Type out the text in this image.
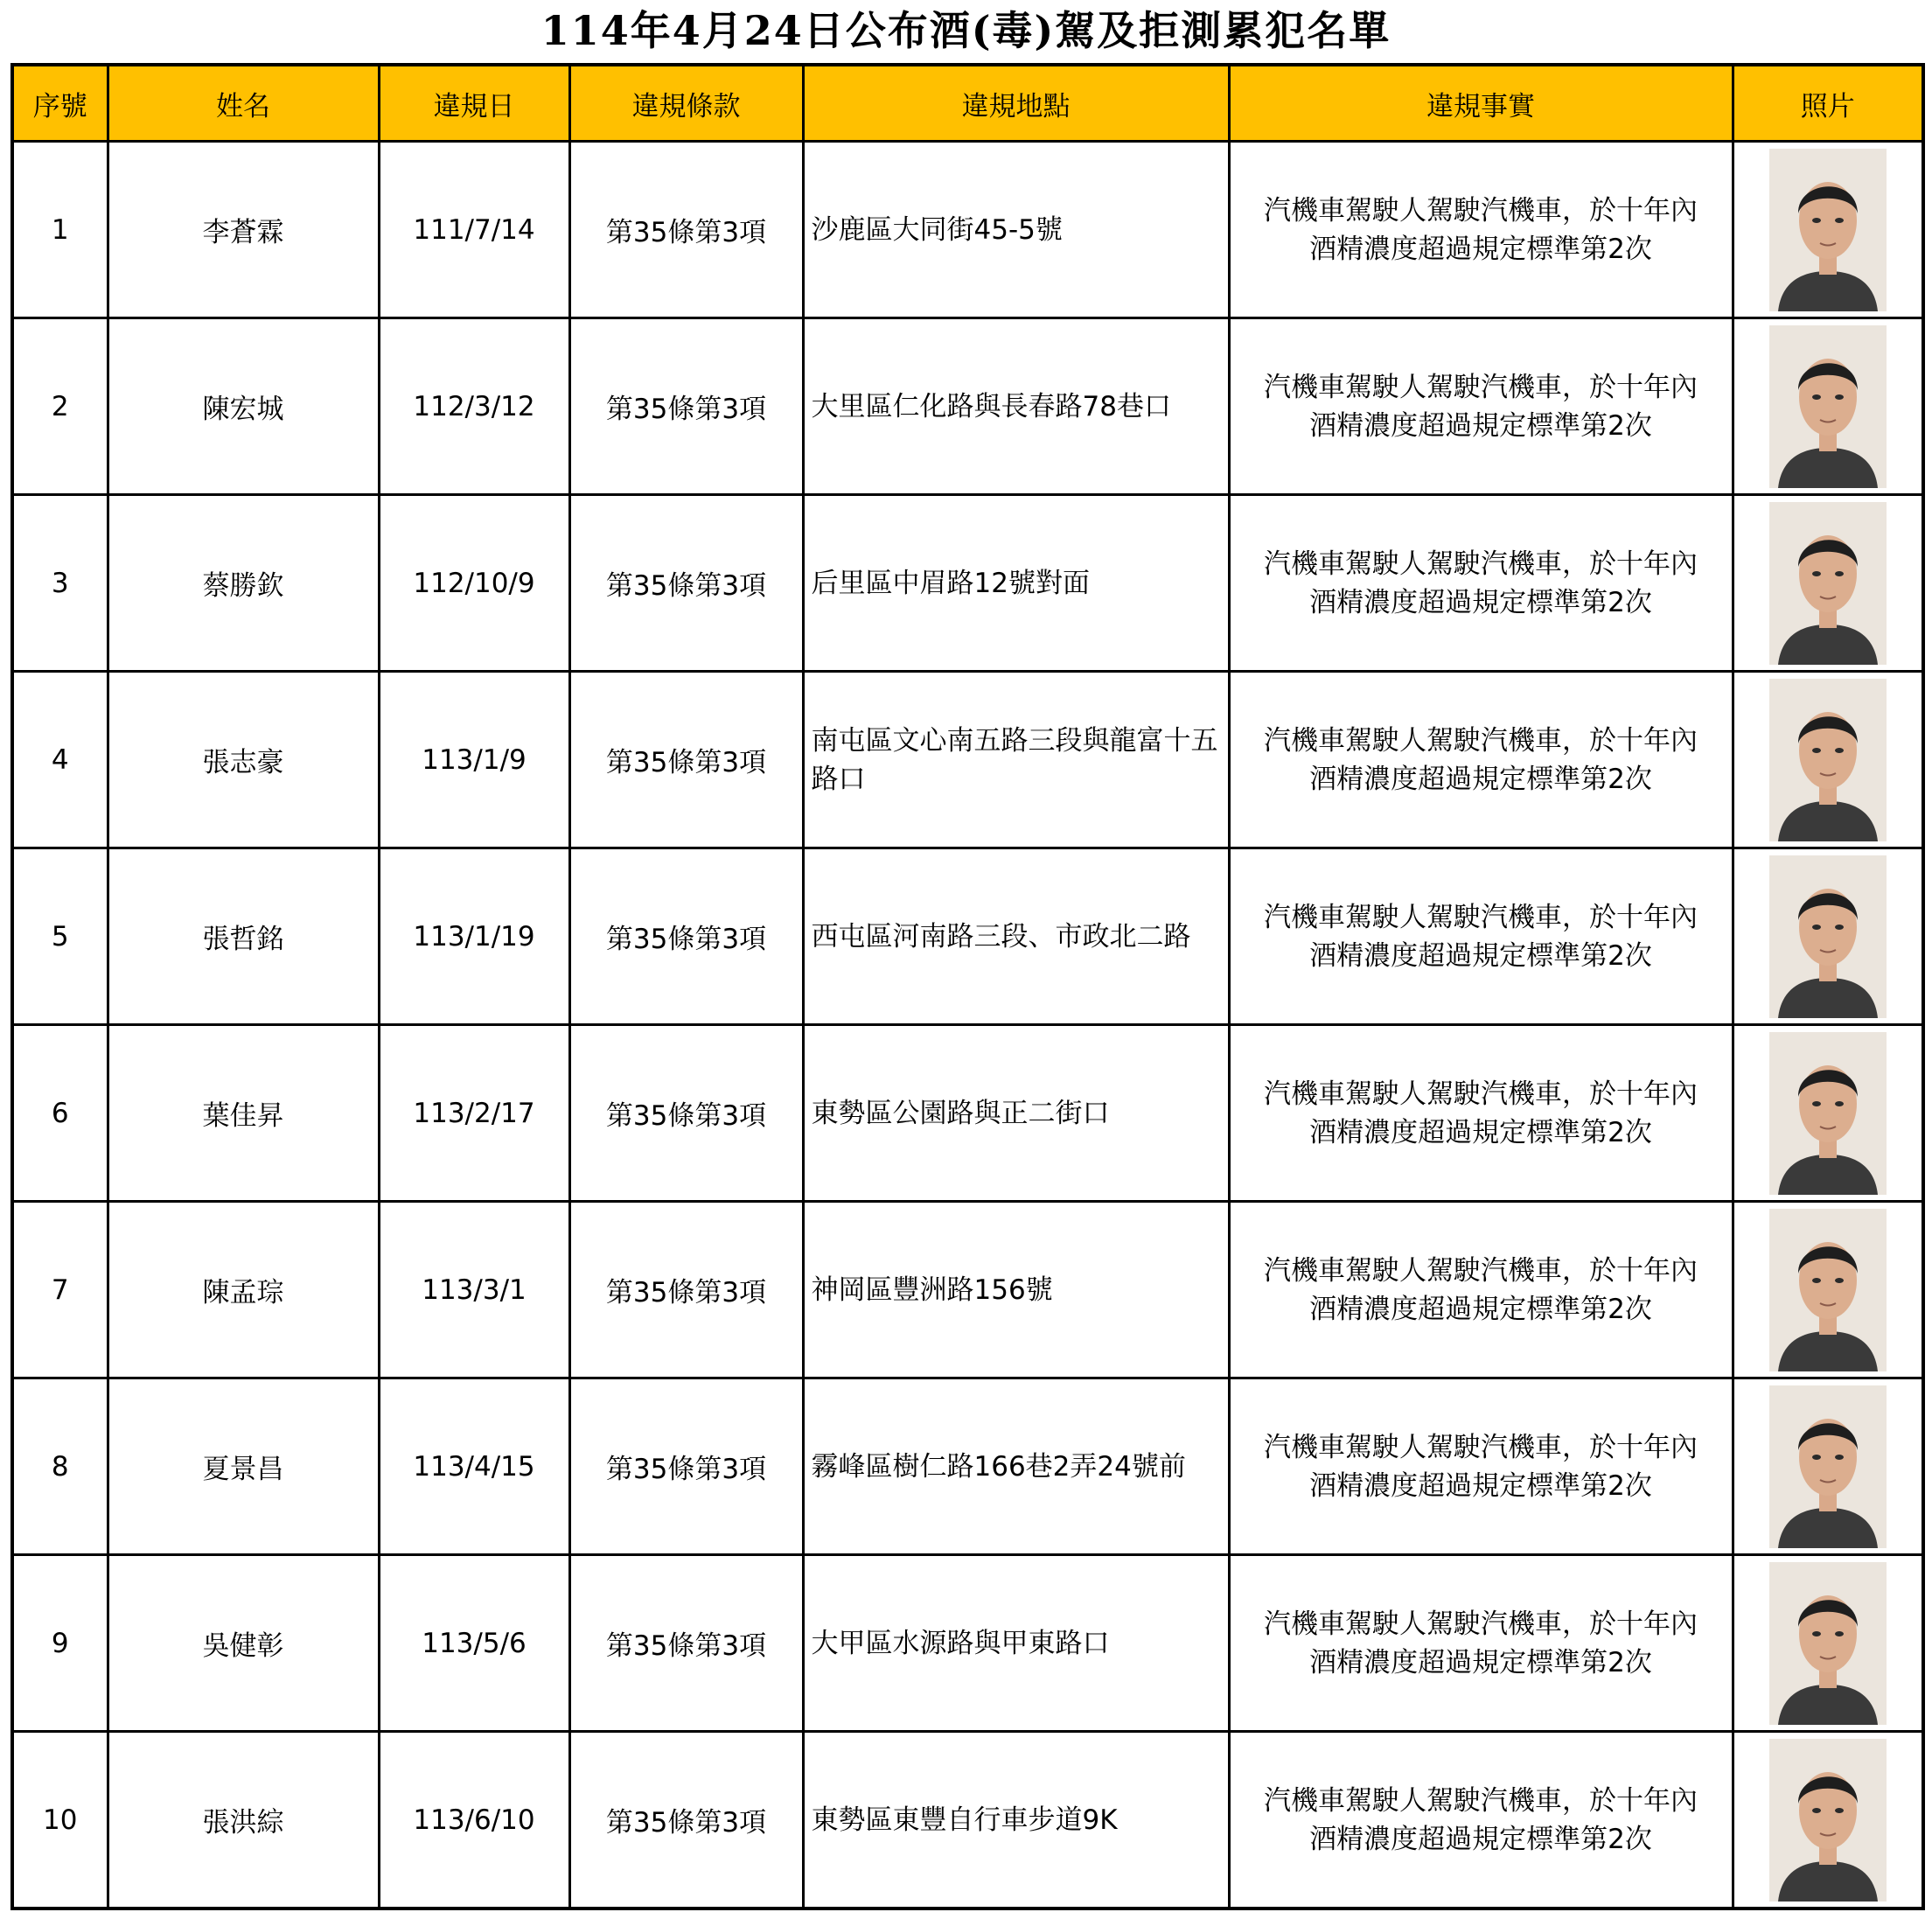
114年4月24日公布酒(毒)駕及拒測累犯名單
序號	姓名	違規日	違規條款	違規地點	違規事實	照片
1	李蒼霖	111/7/14	第35條第3項	沙鹿區大同街45-5號	汽機車駕駛人駕駛汽機車，於十年內
酒精濃度超過規定標準第2次

2	陳宏城	112/3/12	第35條第3項	大里區仁化路與長春路78巷口	汽機車駕駛人駕駛汽機車，於十年內
酒精濃度超過規定標準第2次

3	蔡勝欽	112/10/9	第35條第3項	后里區中眉路12號對面	汽機車駕駛人駕駛汽機車，於十年內
酒精濃度超過規定標準第2次

4	張志豪	113/1/9	第35條第3項	南屯區文心南五路三段與龍富十五路口	汽機車駕駛人駕駛汽機車，於十年內
酒精濃度超過規定標準第2次

5	張哲銘	113/1/19	第35條第3項	西屯區河南路三段、市政北二路	汽機車駕駛人駕駛汽機車，於十年內
酒精濃度超過規定標準第2次

6	葉佳昇	113/2/17	第35條第3項	東勢區公園路與正二街口	汽機車駕駛人駕駛汽機車，於十年內
酒精濃度超過規定標準第2次

7	陳孟琮	113/3/1	第35條第3項	神岡區豐洲路156號	汽機車駕駛人駕駛汽機車，於十年內
酒精濃度超過規定標準第2次

8	夏景昌	113/4/15	第35條第3項	霧峰區樹仁路166巷2弄24號前	汽機車駕駛人駕駛汽機車，於十年內
酒精濃度超過規定標準第2次

9	吳健彰	113/5/6	第35條第3項	大甲區水源路與甲東路口	汽機車駕駛人駕駛汽機車，於十年內
酒精濃度超過規定標準第2次

10	張洪綜	113/6/10	第35條第3項	東勢區東豐自行車步道9K	汽機車駕駛人駕駛汽機車，於十年內
酒精濃度超過規定標準第2次
